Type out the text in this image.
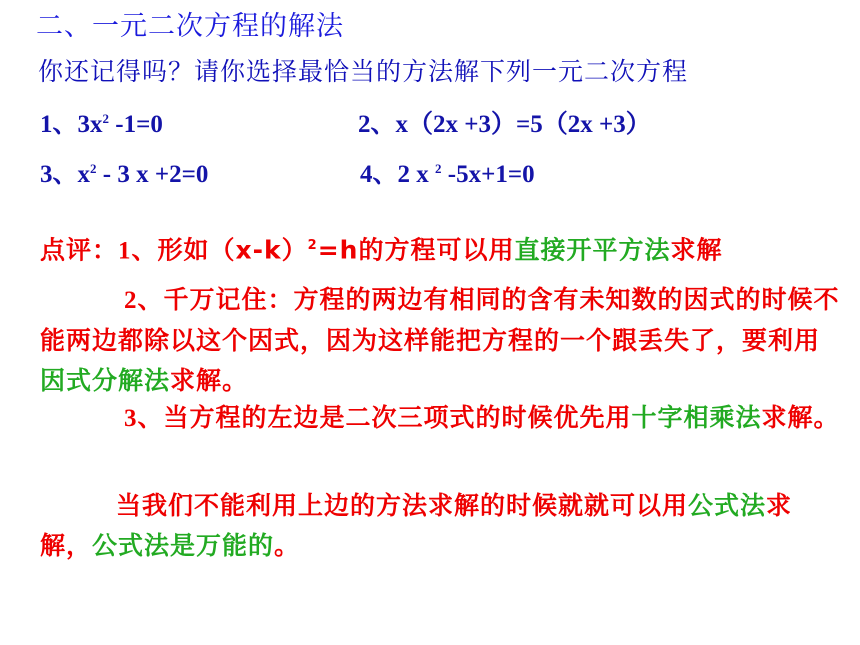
二、一元二次方程的解法
你还记得吗？请你选择最恰当的方法解下列一元二次方程
1、$3x^2$ -1=0	2、x（2x +3）=5（2x +3）
3、$x^2 - 3$ x +2=0	4、2 x $^2$ -5x+1=0
点评：1、形如$(x-k)^2=h$的方程可以用直接开平方法求解
2、千万记住：方程的两边有相同的含有未知数的因式的时候不能两边都除以这个因式，因为这样能把方程的一个跟丢失了，要利用因式分解法求解。
3、当方程的左边是二次三项式的时候优先用十字相乘法求解。
当我们不能利用上边的方法求解的时候就就可以用公式法求解，公式法是万能的。
